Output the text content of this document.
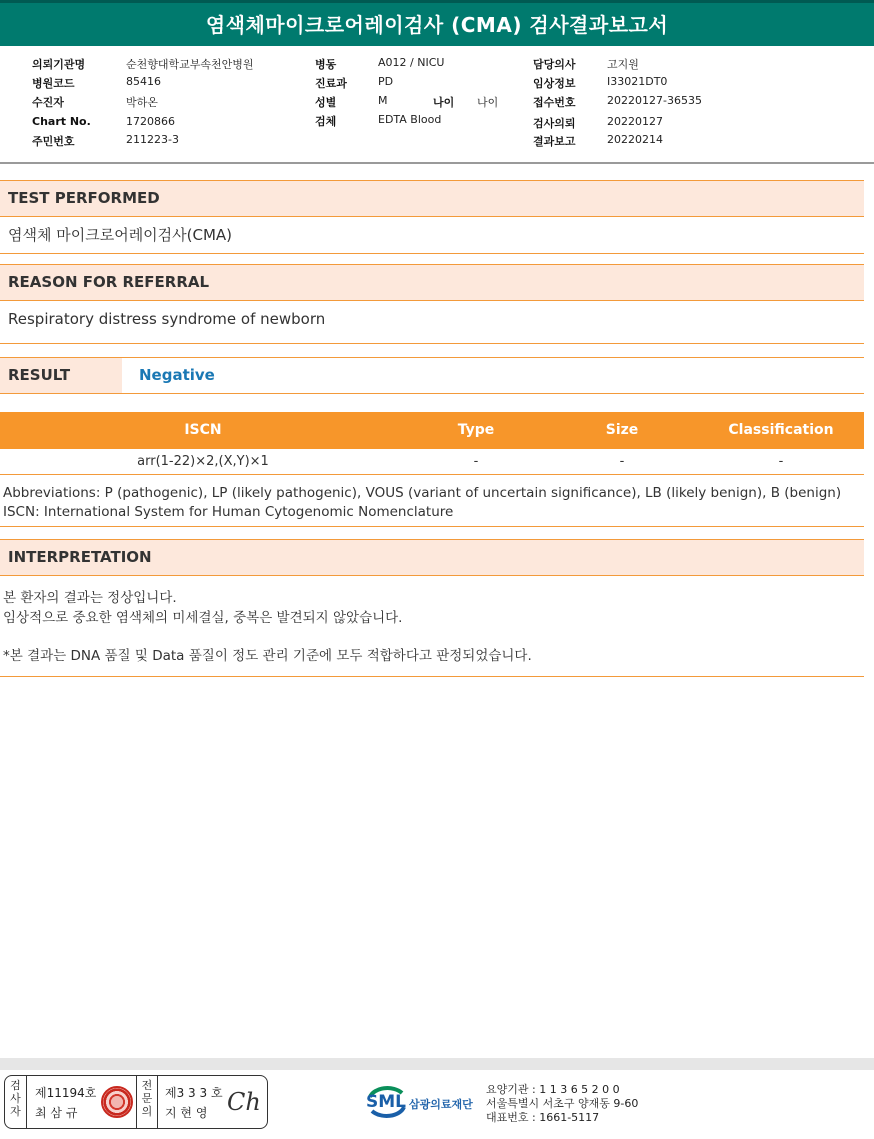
염색체마이크로어레이검사 (CMA) 검사결과보고서
의뢰기관명	순천향대학교부속천안병원
병원코드	85416
수진자	박하온
Chart No.	1720866
주민번호	211223-3
병동	A012 / NICU
진료과	PD
성별	M	나이 나이
검체	EDTA Blood
담당의사	고지원
임상정보	I33021DT0
접수번호	20220127-36535
검사의뢰	20220127
결과보고	20220214
TEST PERFORMED
염색체 마이크로어레이검사(CMA)
REASON FOR REFERRAL
Respiratory distress syndrome of newborn
RESULT	Negative
ISCN	Type	Size	Classification
arr(1-22)×2,(X,Y)×1	-	-	-
Abbreviations: P (pathogenic), LP (likely pathogenic), VOUS (variant of uncertain significance), LB (likely benign), B (benign)
ISCN: International System for Human Cytogenomic Nomenclature
INTERPRETATION
본 환자의 결과는 정상입니다.
임상적으로 중요한 염색체의 미세결실, 중복은 발견되지 않았습니다.
*본 결과는 DNA 품질 및 Data 품질이 정도 관리 기준에 모두 적합하다고 판정되었습니다.
검사자
제11194호
최 삼 규
전문의
제3 3 3 호
지 현 영 Ch	SML 삼광의료재단
요양기관 : 1 1 3 6 5 2 0 0
서울특별시 서초구 양재동 9-60
대표번호 : 1661-5117
